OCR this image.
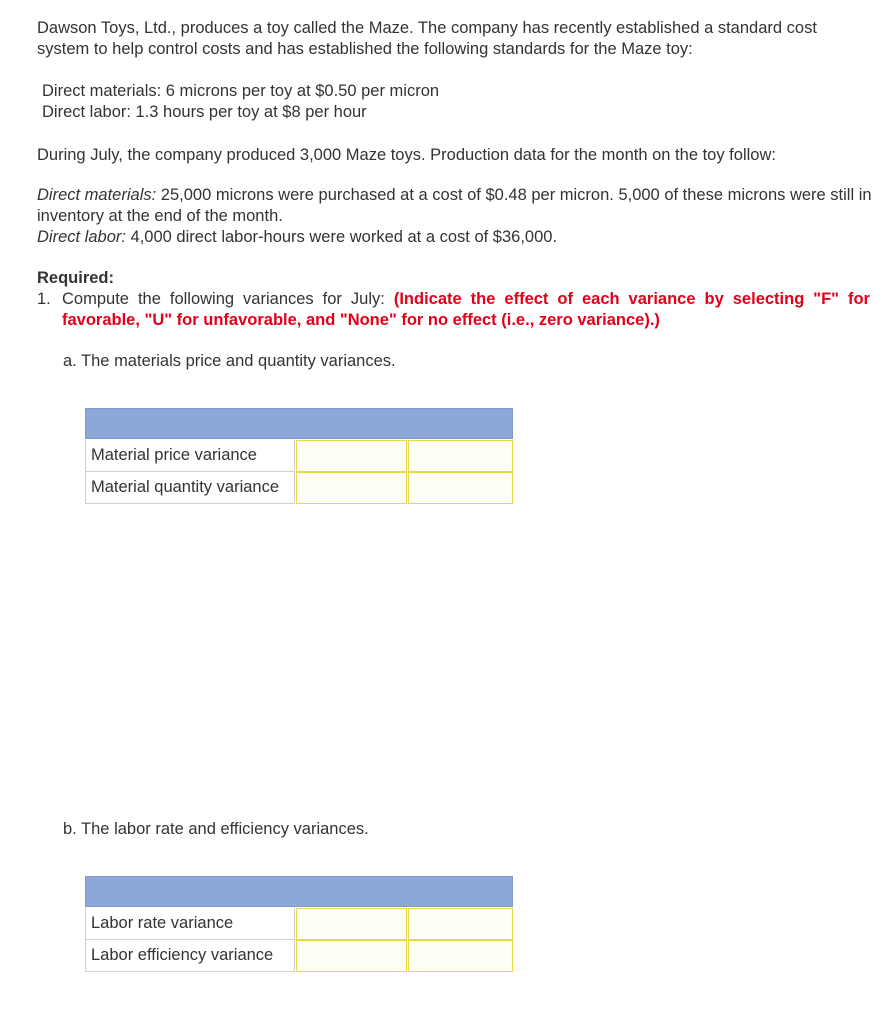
Dawson Toys, Ltd., produces a toy called the Maze. The company has recently established a standard cost system to help control costs and has established the following standards for the Maze toy:

Direct materials: 6 microns per toy at $0.50 per micron
Direct labor: 1.3 hours per toy at $8 per hour

During July, the company produced 3,000 Maze toys. Production data for the month on the toy follow:

Direct materials: 25,000 microns were purchased at a cost of $0.48 per micron. 5,000 of these microns were still in inventory at the end of the month.
Direct labor: 4,000 direct labor-hours were worked at a cost of $36,000.
Required:
1. Compute the following variances for July: (Indicate the effect of each variance by selecting "F" for favorable, "U" for unfavorable, and "None" for no effect (i.e., zero variance).)
a. The materials price and quantity variances.
Material price variance
Material quantity variance
b. The labor rate and efficiency variances.
Labor rate variance
Labor efficiency variance
